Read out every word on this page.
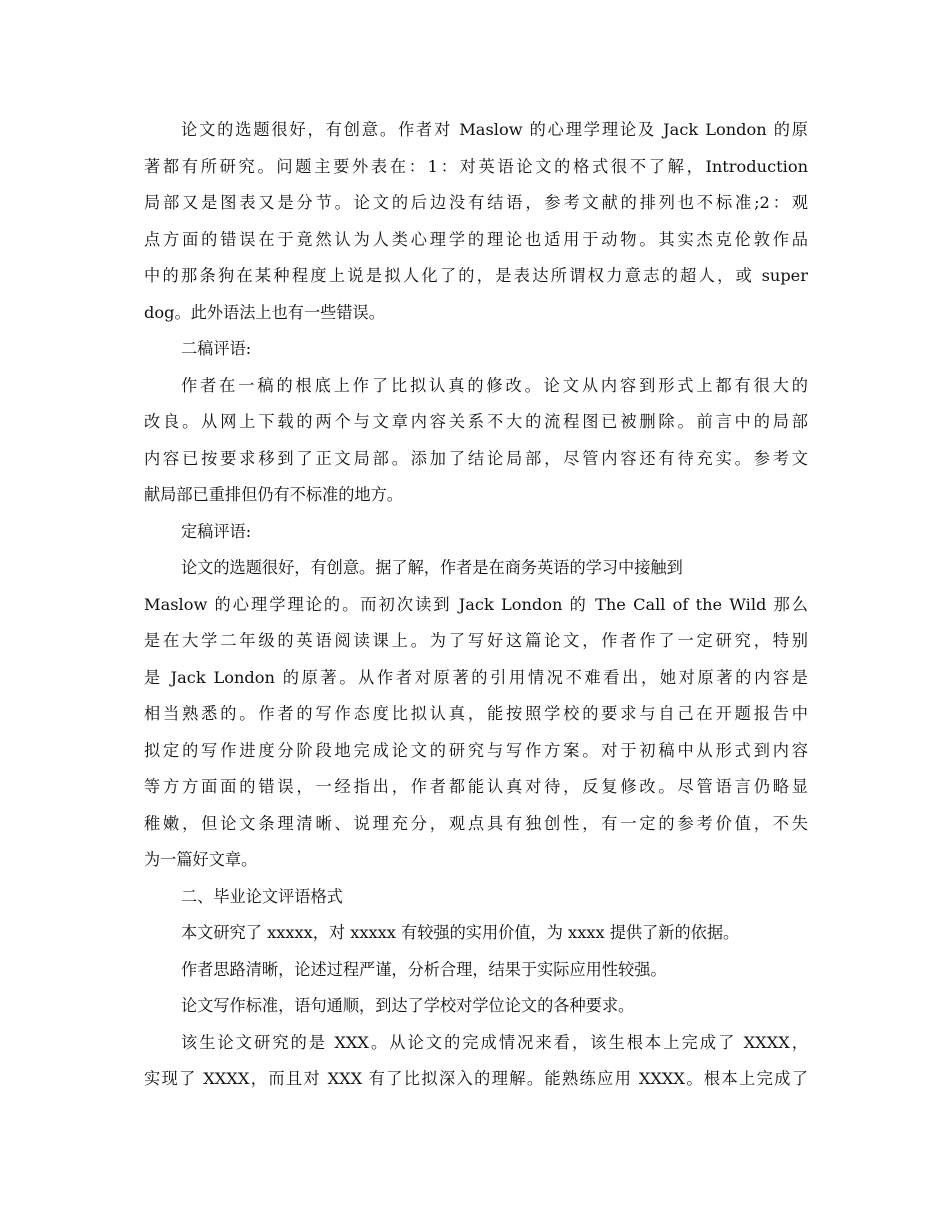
论文的选题很好，有创意。作者对 Maslow 的心理学理论及 Jack London 的原
著都有所研究。问题主要外表在：1：对英语论文的格式很不了解，Introduction
局部又是图表又是分节。论文的后边没有结语，参考文献的排列也不标准;2：观
点方面的错误在于竟然认为人类心理学的理论也适用于动物。其实杰克伦敦作品
中的那条狗在某种程度上说是拟人化了的，是表达所谓权力意志的超人，或 super
dog。此外语法上也有一些错误。
二稿评语:
作者在一稿的根底上作了比拟认真的修改。论文从内容到形式上都有很大的
改良。从网上下载的两个与文章内容关系不大的流程图已被删除。前言中的局部
内容已按要求移到了正文局部。添加了结论局部，尽管内容还有待充实。参考文
献局部已重排但仍有不标准的地方。
定稿评语:
论文的选题很好，有创意。据了解，作者是在商务英语的学习中接触到
Maslow 的心理学理论的。而初次读到 Jack London 的 The Call of the Wild 那么
是在大学二年级的英语阅读课上。为了写好这篇论文，作者作了一定研究，特别
是 Jack London 的原著。从作者对原著的引用情况不难看出，她对原著的内容是
相当熟悉的。作者的写作态度比拟认真，能按照学校的要求与自己在开题报告中
拟定的写作进度分阶段地完成论文的研究与写作方案。对于初稿中从形式到内容
等方方面面的错误，一经指出，作者都能认真对待，反复修改。尽管语言仍略显
稚嫩，但论文条理清晰、说理充分，观点具有独创性，有一定的参考价值，不失
为一篇好文章。
二、毕业论文评语格式
本文研究了 xxxxx，对 xxxxx 有较强的实用价值，为 xxxx 提供了新的依据。
作者思路清晰，论述过程严谨，分析合理，结果于实际应用性较强。
论文写作标准，语句通顺，到达了学校对学位论文的各种要求。
该生论文研究的是 XXX。从论文的完成情况来看，该生根本上完成了 XXXX，
实现了 XXXX，而且对 XXX 有了比拟深入的理解。能熟练应用 XXXX。根本上完成了
